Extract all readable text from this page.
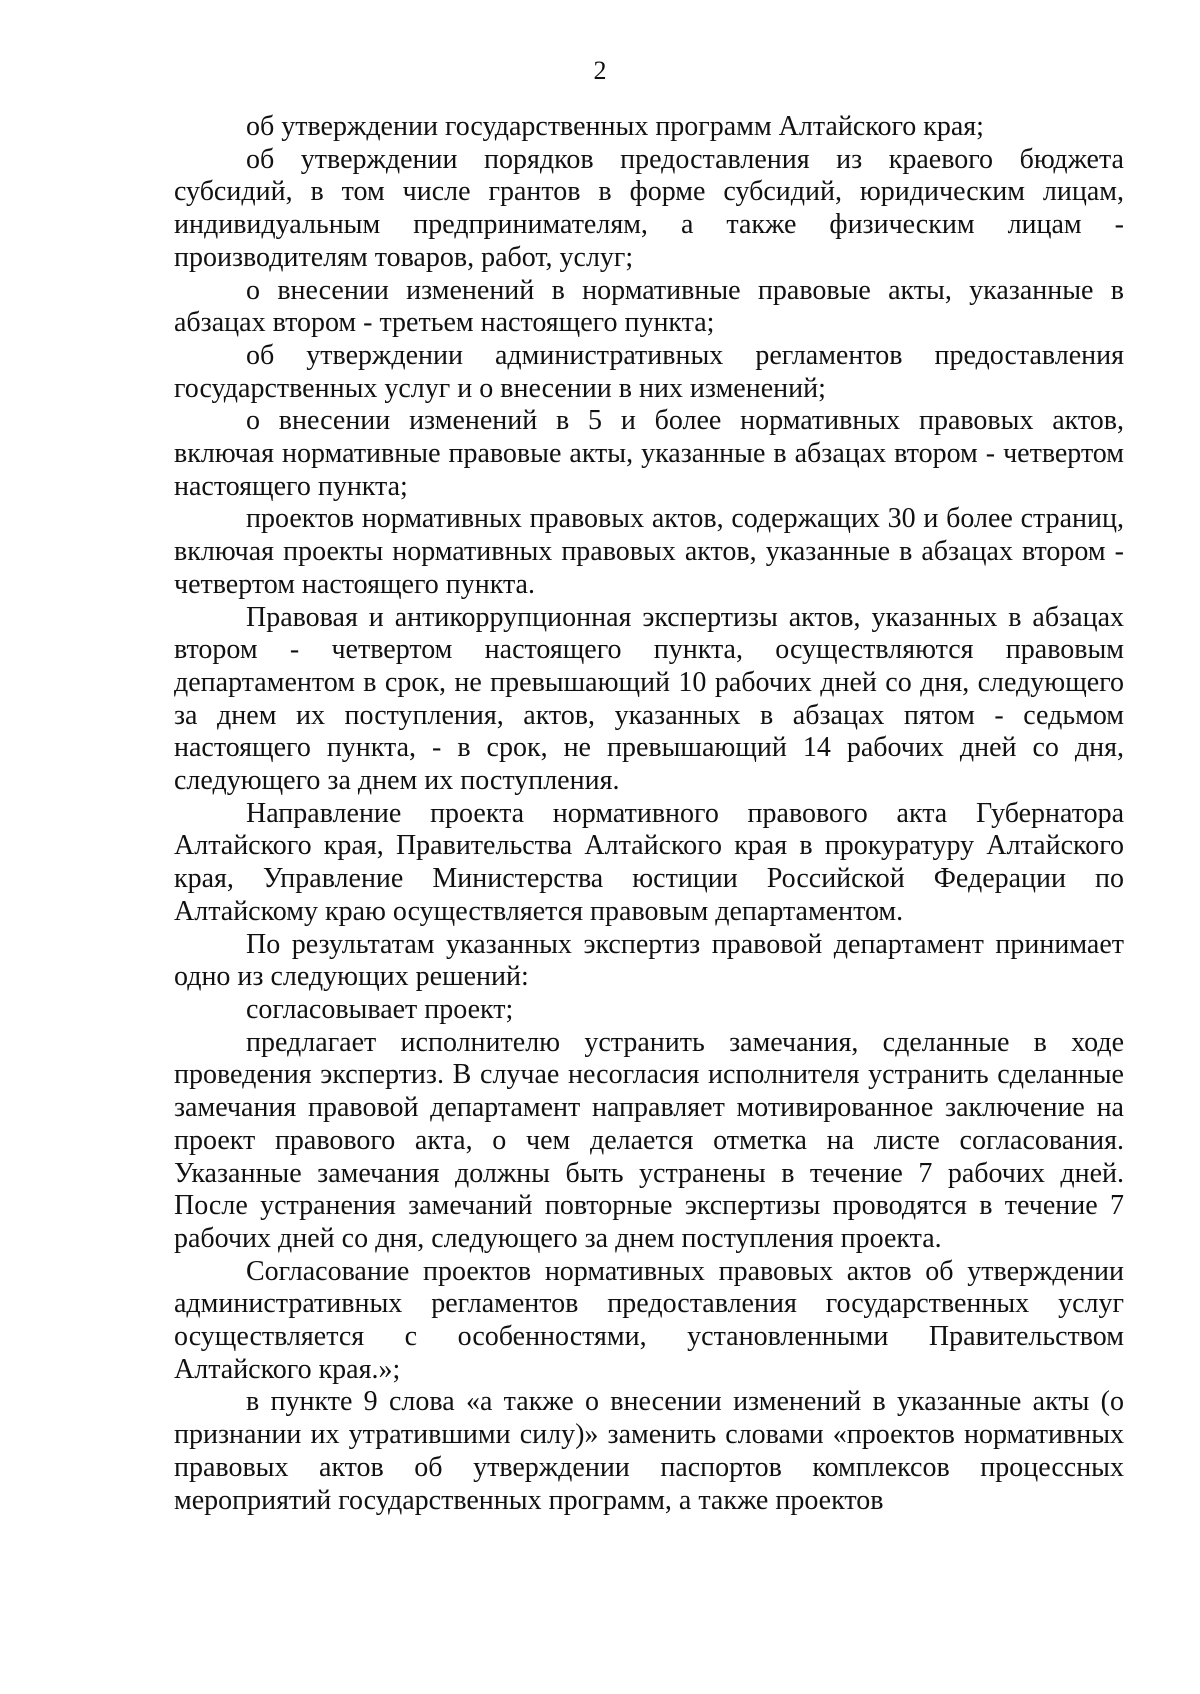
2

об утверждении государственных программ Алтайского края;

об утверждении порядков предоставления из краевого бюджета субсидий, в том числе грантов в форме субсидий, юридическим лицам, индивидуальным предпринимателям, а также физическим лицам - производителям товаров, работ, услуг;

о внесении изменений в нормативные правовые акты, указанные в абзацах втором - третьем настоящего пункта;

об утверждении административных регламентов предоставления государственных услуг и о внесении в них изменений;

о внесении изменений в 5 и более нормативных правовых актов, включая нормативные правовые акты, указанные в абзацах втором - четвертом настоящего пункта;

проектов нормативных правовых актов, содержащих 30 и более страниц, включая проекты нормативных правовых актов, указанные в абзацах втором - четвертом настоящего пункта.

Правовая и антикоррупционная экспертизы актов, указанных в абзацах втором - четвертом настоящего пункта, осуществляются правовым департаментом в срок, не превышающий 10 рабочих дней со дня, следующего за днем их поступления, актов, указанных в абзацах пятом - седьмом настоящего пункта, - в срок, не превышающий 14 рабочих дней со дня, следующего за днем их поступления.

Направление проекта нормативного правового акта Губернатора Алтайского края, Правительства Алтайского края в прокуратуру Алтайского края, Управление Министерства юстиции Российской Федерации по Алтайскому краю осуществляется правовым департаментом.

По результатам указанных экспертиз правовой департамент принимает одно из следующих решений:

согласовывает проект;

предлагает исполнителю устранить замечания, сделанные в ходе проведения экспертиз. В случае несогласия исполнителя устранить сделанные замечания правовой департамент направляет мотивированное заключение на проект правового акта, о чем делается отметка на листе согласования. Указанные замечания должны быть устранены в течение 7 рабочих дней. После устранения замечаний повторные экспертизы проводятся в течение 7 рабочих дней со дня, следующего за днем поступления проекта.

Согласование проектов нормативных правовых актов об утверждении административных регламентов предоставления государственных услуг осуществляется с особенностями, установленными Правительством Алтайского края.»;

в пункте 9 слова «а также о внесении изменений в указанные акты (о признании их утратившими силу)» заменить словами «проектов нормативных правовых актов об утверждении паспортов комплексов процессных мероприятий государственных программ, а также проектов
